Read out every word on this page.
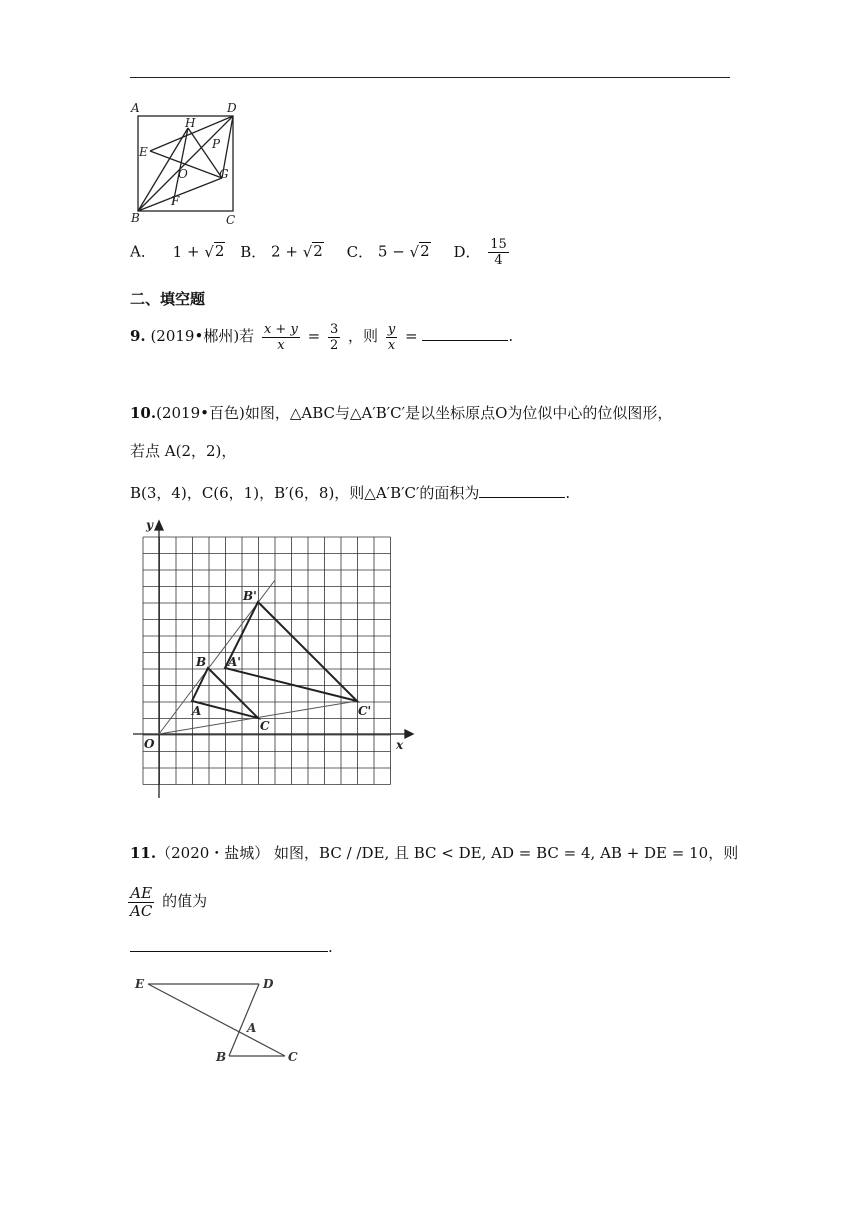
A	D
H
P
E
O	G
F
B	C
A． 1 + √ 2 B． 2 + √ 2 C． 5 − √ 2 D． $\frac{15}{4}$
二、填空题
9. (2019•郴州)若 $\frac{x + y}{x} = \frac{3}{2}$ ，则 $\frac{y}{x}$ =	.
10.(2019•百色)如图，△ABC与△A′B′C′是以坐标原点O为位似中心的位似图形，
若点 A(2，2)，
B(3，4)，C(6，1)，B′(6，8)，则△A′B′C′的面积为	.
y
x
O
A
B
C
A'
B'
C'
11.（2020・盐城） 如图，BC / /DE, 且 BC < DE, AD = BC = 4, AB + DE = 10，则
$\frac{AE}{AC}$ 的值为
.
E	D
A
B	C
